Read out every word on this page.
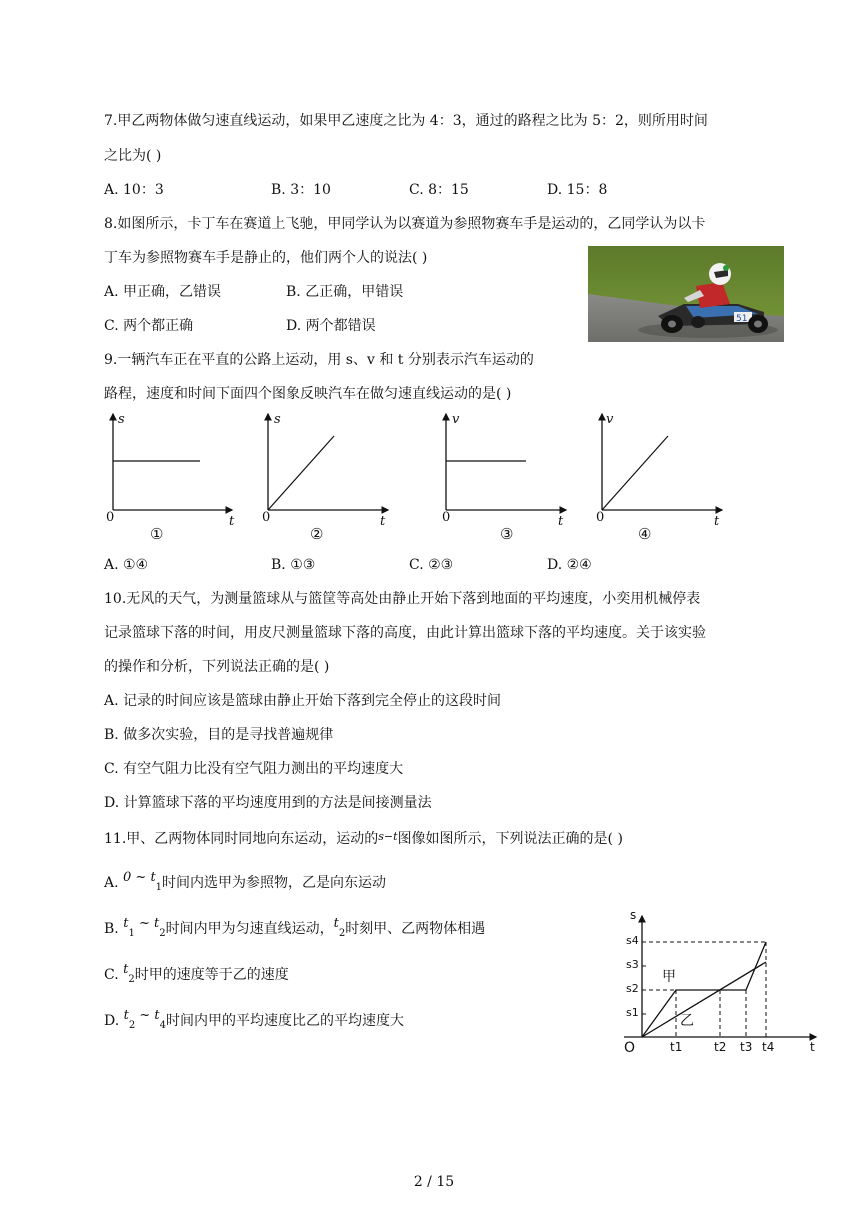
7.甲乙两物体做匀速直线运动，如果甲乙速度之比为 4：3，通过的路程之比为 5：2，则所用时间
之比为( )
A. 10：3	B. 3：10	C. 8：15	D. 15：8
8.如图所示，卡丁车在赛道上飞驰，甲同学认为以赛道为参照物赛车手是运动的，乙同学认为以卡
丁车为参照物赛车手是静止的，他们两个人的说法( )
A. 甲正确，乙错误	B. 乙正确，甲错误
C. 两个都正确	D. 两个都错误	51
9.一辆汽车正在平直的公路上运动，用 s、v 和 t 分别表示汽车运动的
路程，速度和时间下面四个图象反映汽车在做匀速直线运动的是( )
s
t
0
①
s
t
0
②
v
t
0
③
v
t
0
④
A. ①④	B. ①③	C. ②③	D. ②④
10.无风的天气，为测量篮球从与篮筐等高处由静止开始下落到地面的平均速度，小奕用机械停表
记录篮球下落的时间，用皮尺测量篮球下落的高度，由此计算出篮球下落的平均速度。关于该实验
的操作和分析，下列说法正确的是( )
A. 记录的时间应该是篮球由静止开始下落到完全停止的这段时间
B. 做多次实验，目的是寻找普遍规律
C. 有空气阻力比没有空气阻力测出的平均速度大
D. 计算篮球下落的平均速度用到的方法是间接测量法
11.甲、乙两物体同时同地向东运动，运动的$^{s-t}$图像如图所示，下列说法正确的是( )
A. 0 ~ $t_1$时间内选甲为参照物，乙是向东运动
B. $t_1$ ~ $t_2$时间内甲为匀速直线运动，$t_2$时刻甲、乙两物体相遇
C. $t_2$时甲的速度等于乙的速度
D. $t_2$ ~ $t_4$时间内甲的平均速度比乙的平均速度大
s
t
O
s4
s3
s2
s1
t1	t2 t3 t4
甲
乙
2 / 15
